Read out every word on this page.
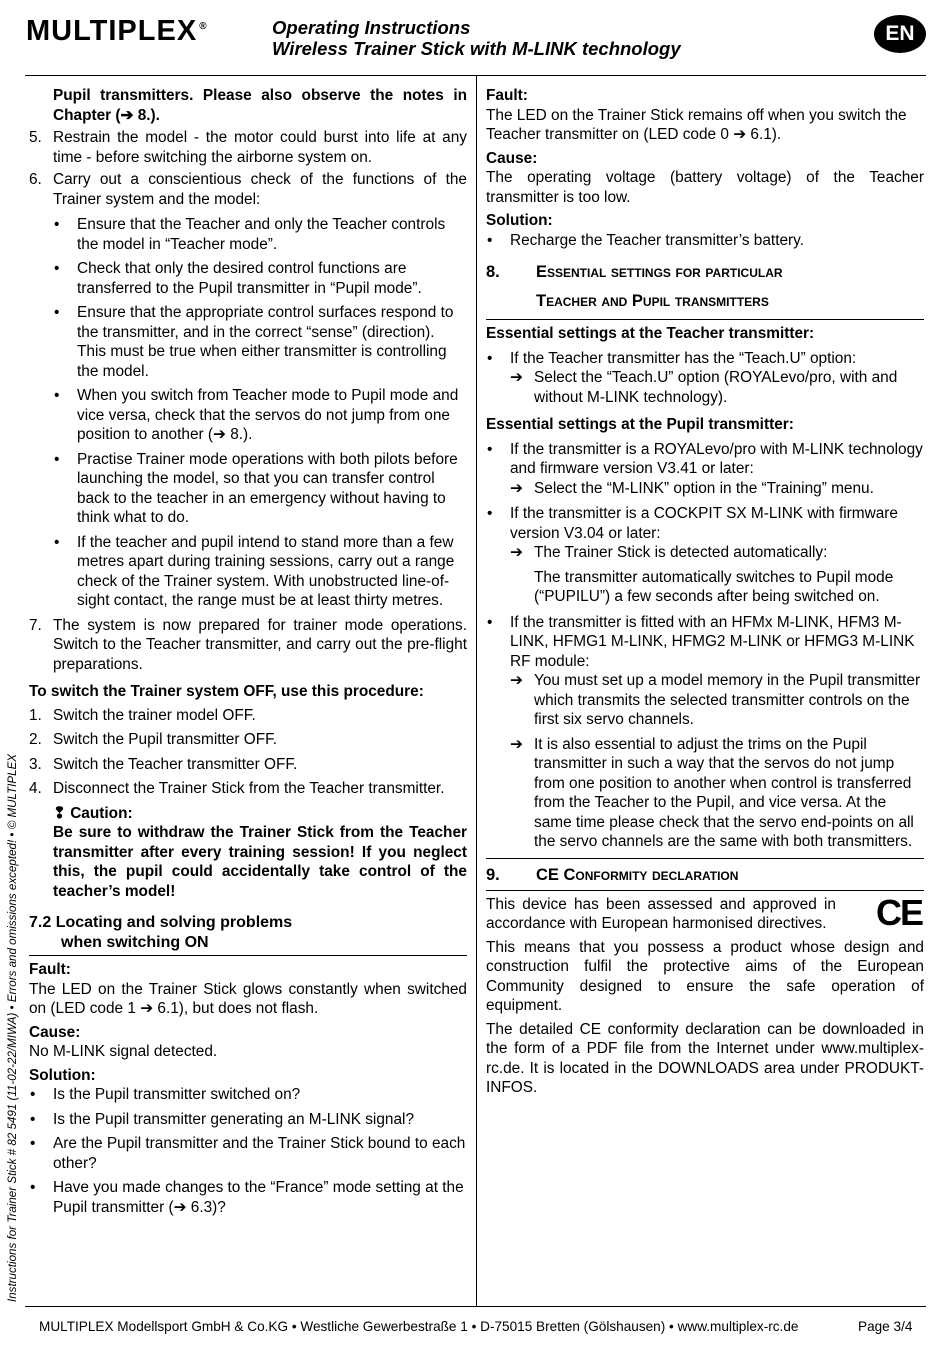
MULTIPLEX ®	Operating Instructions
Wireless Trainer Stick with M-LINK technology
EN
Instructions for Trainer Stick # 82 5491 (11-02-22/MIWA) • Errors and omissions excepted! • © MULTIPLEX

Pupil transmitters. Please also observe the notes in Chapter (➔ 8.).

5. Restrain the model - the motor could burst into life at any time - before switching the airborne system on.
6. Carry out a conscientious check of the functions of the Trainer system and the model:
• Ensure that the Teacher and only the Teacher controls the model in “Teacher mode”.
• Check that only the desired control functions are transferred to the Pupil transmitter in “Pupil mode”.
• Ensure that the appropriate control surfaces respond to the transmitter, and in the correct “sense” (direction). This must be true when either transmitter is controlling the model.
• When you switch from Teacher mode to Pupil mode and vice versa, check that the servos do not jump from one position to another (➔ 8.).
• Practise Trainer mode operations with both pilots before launching the model, so that you can transfer control back to the teacher in an emergency without having to think what to do.
• If the teacher and pupil intend to stand more than a few metres apart during training sessions, carry out a range check of the Trainer system. With unobstructed line-of-sight contact, the range must be at least thirty metres.
7. The system is now prepared for trainer mode operations. Switch to the Teacher transmitter, and carry out the pre-flight preparations.

To switch the Trainer system OFF, use this procedure:

1. Switch the trainer model OFF.
2. Switch the Pupil transmitter OFF.
3. Switch the Teacher transmitter OFF.
4. Disconnect the Trainer Stick from the Teacher transmitter.
❢ Caution:

Be sure to withdraw the Trainer Stick from the Teacher transmitter after every training session! If you neglect this, the pupil could accidentally take control of the teacher’s model!

7.2 Locating and solving problems
when switching ON

Fault:

The LED on the Trainer Stick glows constantly when switched on (LED code 1 ➔ 6.1), but does not flash.

Cause:

No M-LINK signal detected.

Solution:

• Is the Pupil transmitter switched on?
• Is the Pupil transmitter generating an M-LINK signal?
• Are the Pupil transmitter and the Trainer Stick bound to each other?
• Have you made changes to the “France” mode setting at the Pupil transmitter (➔ 6.3)?

Fault:

The LED on the Trainer Stick remains off when you switch the Teacher transmitter on (LED code 0 ➔ 6.1).

Cause:

The operating voltage (battery voltage) of the Teacher transmitter is too low.

Solution:

• Recharge the Teacher transmitter’s battery.
8. Essential settings for particular
Teacher and Pupil transmitters

Essential settings at the Teacher transmitter:

• If the Teacher transmitter has the “Teach.U” option:
➔ Select the “Teach.U” option (ROYALevo/pro, with and without M-LINK technology).

Essential settings at the Pupil transmitter:

• If the transmitter is a ROYALevo/pro with M-LINK technology and firmware version V3.41 or later:
➔ Select the “M-LINK” option in the “Training” menu.
• If the transmitter is a COCKPIT SX M-LINK with firmware version V3.04 or later:
➔ The Trainer Stick is detected automatically:

The transmitter automatically switches to Pupil mode (“PUPILU”) a few seconds after being switched on.

• If the transmitter is fitted with an HFMx M-LINK, HFM3 M-LINK, HFMG1 M-LINK, HFMG2 M-LINK or HFMG3 M-LINK RF module:
➔ You must set up a model memory in the Pupil transmitter which transmits the selected transmitter controls on the first six servo channels.
➔ It is also essential to adjust the trims on the Pupil transmitter in such a way that the servos do not jump from one position to another when control is transferred from the Teacher to the Pupil, and vice versa. At the same time please check that the servo end-points on all the servo channels are the same with both transmitters.
9. CE Conformity declaration
CE

This device has been assessed and approved in accordance with European harmonised directives.

This means that you possess a product whose design and construction fulfil the protective aims of the European Community designed to ensure the safe operation of equipment.

The detailed CE conformity declaration can be downloaded in the form of a PDF file from the Internet under www.multiplex-rc.de. It is located in the DOWNLOADS area under PRODUKT-INFOS.

MULTIPLEX Modellsport GmbH & Co.KG • Westliche Gewerbestraße 1 • D-75015 Bretten (Gölshausen) • www.multiplex-rc.de	Page 3/4
